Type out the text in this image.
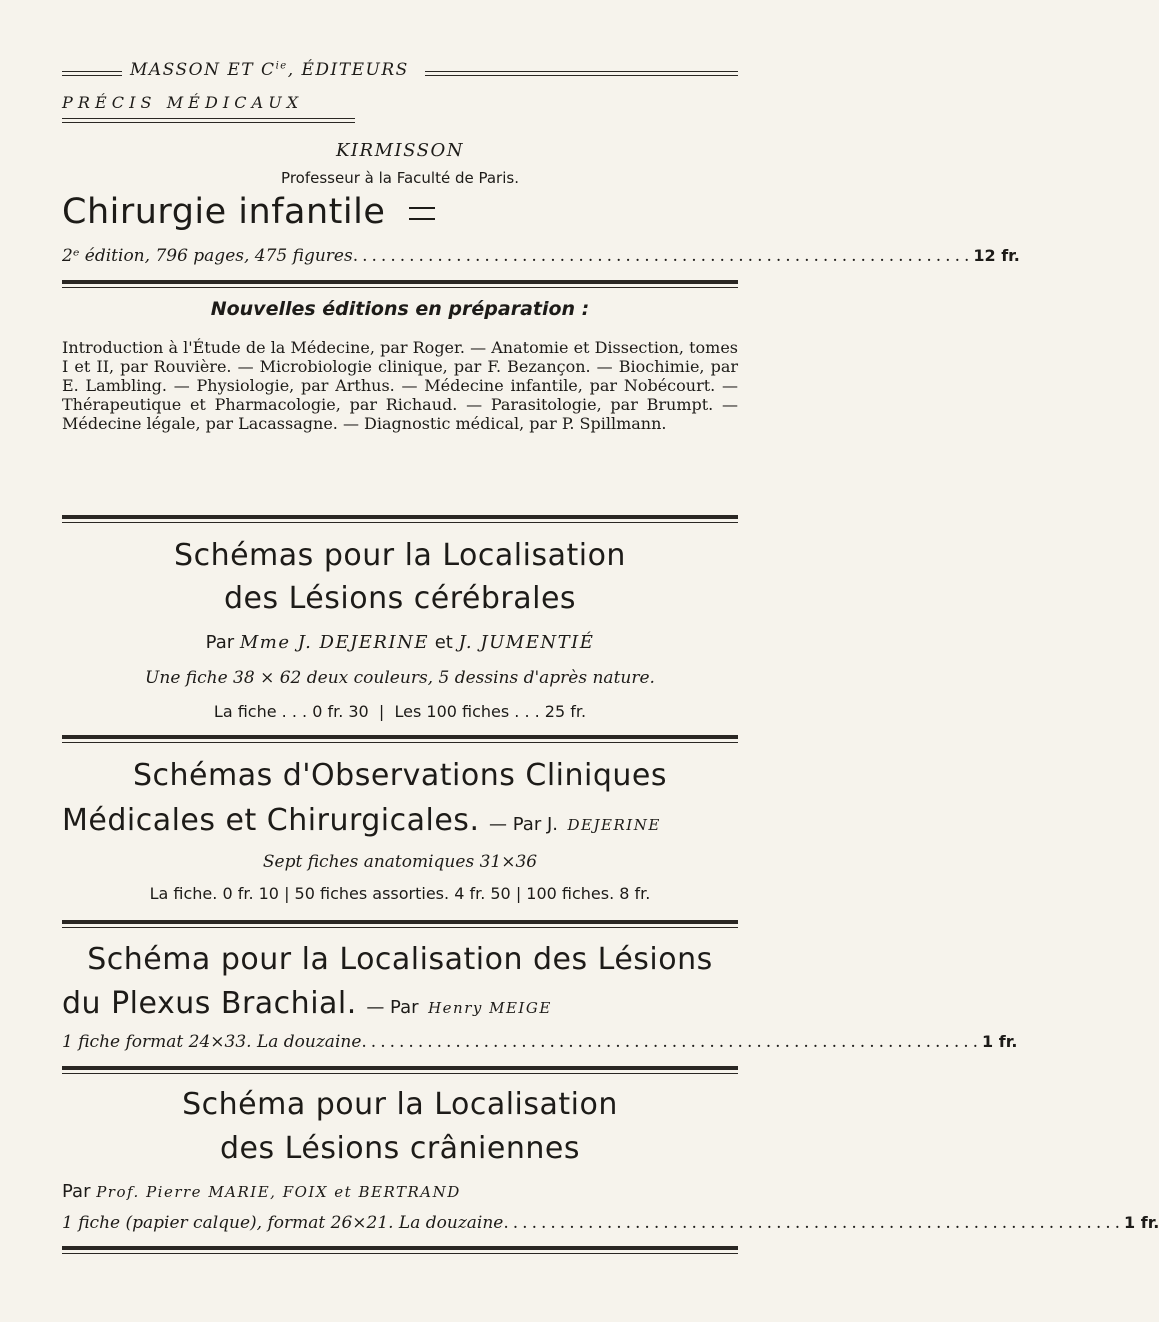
MASSON ET $C^{ie}$, ÉDITEURS
P R É C I S   M É D I C A U X
KIRMISSON
Professeur à la Faculté de Paris.
Chirurgie infantile
2ᵉ édition, 796 pages, 475 figures .................................................................. 12 fr.
Nouvelles éditions en préparation :
Introduction à l'Étude de la Médecine, par Roger. — Anatomie et Dissection, tomes I et II, par Rouvière. — Microbiologie clinique, par F. Bezançon. — Biochimie, par E. Lambling. — Physiologie, par Arthus. — Médecine infantile, par Nobécourt. — Thérapeutique et Pharmacologie, par Richaud. — Parasitologie, par Brumpt. — Médecine légale, par Lacassagne. — Diagnostic médical, par P. Spillmann.
Schémas pour la Localisation
des Lésions cérébrales
Par Mme J. DEJERINE et J. JUMENTIÉ
Une fiche 38 × 62 deux couleurs, 5 dessins d'après nature.
La fiche . . . 0 fr. 30  |  Les 100 fiches . . . 25 fr.
Schémas d'Observations Cliniques
Médicales et Chirurgicales. — Par J. DEJERINE
Sept fiches anatomiques 31×36
La fiche. 0 fr. 10 | 50 fiches assorties. 4 fr. 50 | 100 fiches. 8 fr.
Schéma pour la Localisation des Lésions
du Plexus Brachial. — Par Henry MEIGE
1 fiche format 24×33. La douzaine .................................................................. 1 fr.
Schéma pour la Localisation
des Lésions crâniennes
Par Prof. Pierre MARIE, FOIX et BERTRAND
1 fiche (papier calque), format 26×21. La douzaine .................................................................. 1 fr.
